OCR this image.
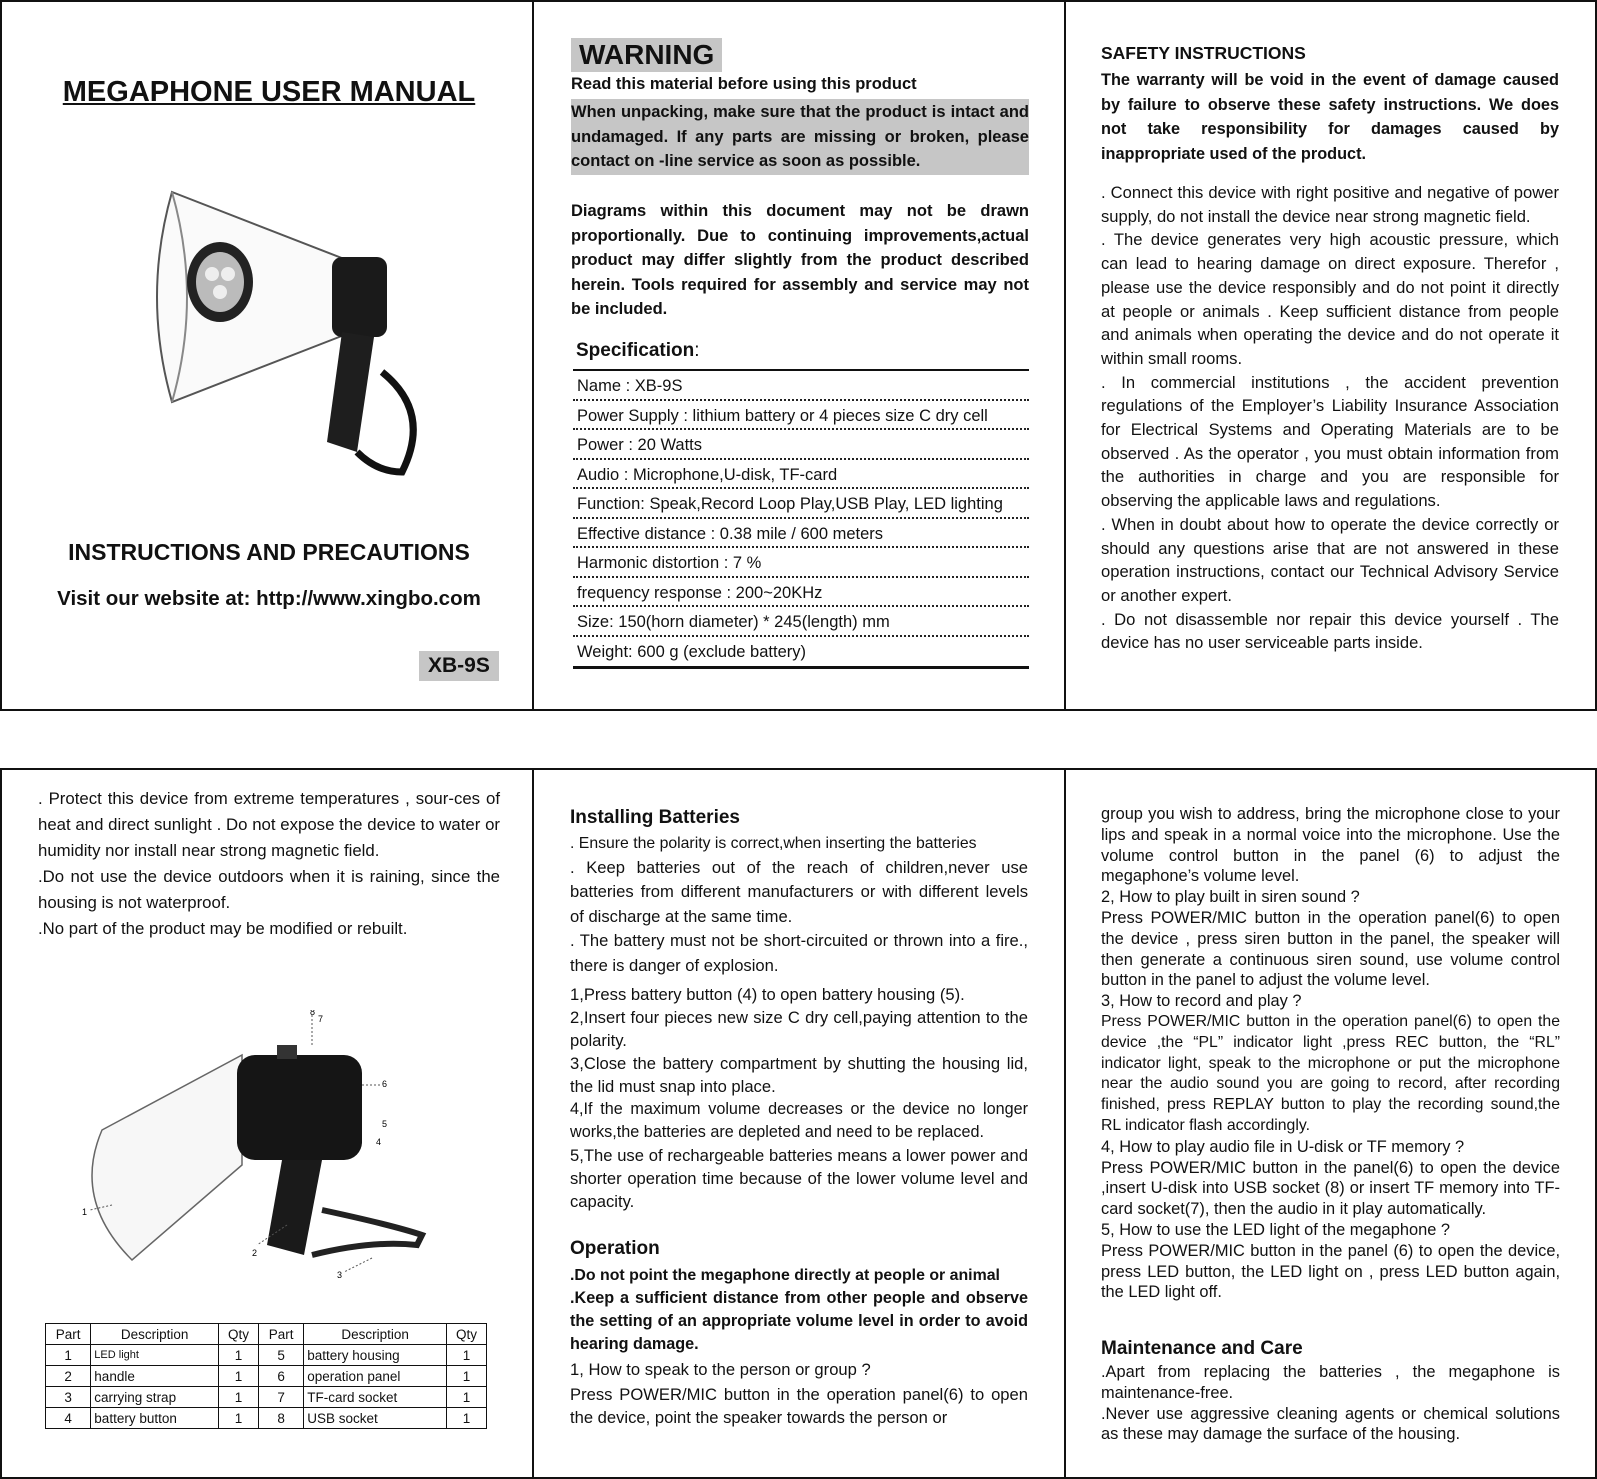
MEGAPHONE USER MANUAL
INSTRUCTIONS AND PRECAUTIONS
Visit our website at: http://www.xingbo.com
XB-9S
WARNING
Read this material before using this product

When unpacking, make sure that the product is intact and undamaged. If any parts are missing or broken, please contact on -line service as soon as possible.

Diagrams within this document may not be drawn proportionally. Due to continuing improvements,actual product may differ slightly from the product described herein. Tools required for assembly and service may not be included.

Specification:
Name : XB-9S
Power Supply : lithium battery or 4 pieces size C dry cell
Power : 20 Watts
Audio : Microphone,U-disk, TF-card
Function: Speak,Record Loop Play,USB Play, LED lighting
Effective distance : 0.38 mile / 600 meters
Harmonic distortion : 7 %
frequency response : 200~20KHz
Size: 150(horn diameter) * 245(length) mm
Weight: 600 g (exclude battery)
SAFETY INSTRUCTIONS

The warranty will be void in the event of damage caused by failure to observe these safety instructions. We does not take responsibility for damages caused by inappropriate used of the product.

. Connect this device with right positive and negative of power supply, do not install the device near strong magnetic field.

. The device generates very high acoustic pressure, which can lead to hearing damage on direct exposure. Therefor , please use the device responsibly and do not point it directly at people or animals . Keep sufficient distance from people and animals when operating the device and do not operate it within small rooms.

. In commercial institutions , the accident prevention regulations of the Employer’s Liability Insurance Association for Electrical Systems and Operating Materials are to be observed . As the operator , you must obtain information from the authorities in charge and you are responsible for observing the applicable laws and regulations.

. When in doubt about how to operate the device correctly or should any questions arise that are not answered in these operation instructions, contact our Technical Advisory Service or another expert.

. Do not disassemble nor repair this device yourself . The device has no user serviceable parts inside.

. Protect this device from extreme temperatures , sour-ces of heat and direct sunlight . Do not expose the device to water or humidity nor install near strong magnetic field.

.Do not use the device outdoors when it is raining, since the housing is not waterproof.

.No part of the product may be modified or rebuilt.

1
2
3
4
5
6
7
8
Part	Description	Qty	Part	Description	Qty
1	LED light	1	5	battery housing	1
2	handle	1	6	operation panel	1
3	carrying strap	1	7	TF-card socket	1
4	battery button	1	8	USB socket	1
Installing Batteries

. Ensure the polarity is correct,when inserting the batteries

. Keep batteries out of the reach of children,never use batteries from different manufacturers or with different levels of discharge at the same time.

. The battery must not be short-circuited or thrown into a fire., there is danger of explosion.

1,Press battery button (4) to open battery housing (5).

2,Insert four pieces new size C dry cell,paying attention to the polarity.

3,Close the battery compartment by shutting the housing lid, the lid must snap into place.

4,If the maximum volume decreases or the device no longer works,the batteries are depleted and need to be replaced.

5,The use of rechargeable batteries means a lower power and shorter operation time because of the lower volume level and capacity.

Operation

.Do not point the megaphone directly at people or animal

.Keep a sufficient distance from other people and observe the setting of an appropriate volume level in order to avoid hearing damage.

1, How to speak to the person or group ?

Press POWER/MIC button in the operation panel(6) to open the device, point the speaker towards the person or

group you wish to address, bring the microphone close to your lips and speak in a normal voice into the microphone. Use the volume control button in the panel (6) to adjust the megaphone’s volume level.

2, How to play built in siren sound ?

Press POWER/MIC button in the operation panel(6) to open the device , press siren button in the panel, the speaker will then generate a continuous siren sound, use volume control button in the panel to adjust the volume level.

3, How to record and play ?

Press POWER/MIC button in the operation panel(6) to open the device ,the “PL” indicator light ,press REC button, the “RL” indicator light, speak to the microphone or put the microphone near the audio sound you are going to record, after recording finished, press REPLAY button to play the recording sound,the RL indicator flash accordingly.

4, How to play audio file in U-disk or TF memory ?

Press POWER/MIC button in the panel(6) to open the device ,insert U-disk into USB socket (8) or insert TF memory into TF-card socket(7), then the audio in it play automatically.

5, How to use the LED light of the megaphone ?

Press POWER/MIC button in the panel (6) to open the device, press LED button, the LED light on , press LED button again, the LED light off.

Maintenance and Care

.Apart from replacing the batteries , the megaphone is maintenance-free.

.Never use aggressive cleaning agents or chemical solutions as these may damage the surface of the housing.
